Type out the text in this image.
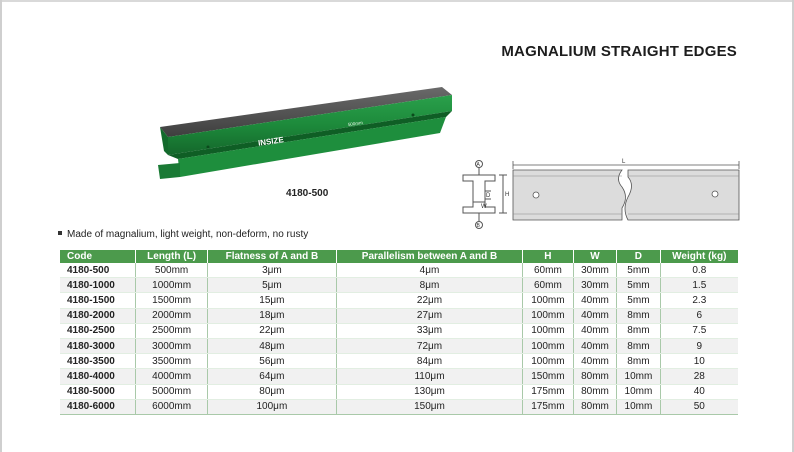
MAGNALIUM STRAIGHT EDGES
INSIZE
500mm
4180-500
A
B
H
D
W
L
Made of magnalium, light weight, non-deform, no rusty
Code	Length (L)	Flatness of A and B	Parallelism between A and B	H	W	D	Weight (kg)
4180-500	500mm	3μm	4μm	60mm	30mm	5mm	0.8
4180-1000	1000mm	5μm	8μm	60mm	30mm	5mm	1.5
4180-1500	1500mm	15μm	22μm	100mm	40mm	5mm	2.3
4180-2000	2000mm	18μm	27μm	100mm	40mm	8mm	6
4180-2500	2500mm	22μm	33μm	100mm	40mm	8mm	7.5
4180-3000	3000mm	48μm	72μm	100mm	40mm	8mm	9
4180-3500	3500mm	56μm	84μm	100mm	40mm	8mm	10
4180-4000	4000mm	64μm	110μm	150mm	80mm	10mm	28
4180-5000	5000mm	80μm	130μm	175mm	80mm	10mm	40
4180-6000	6000mm	100μm	150μm	175mm	80mm	10mm	50
